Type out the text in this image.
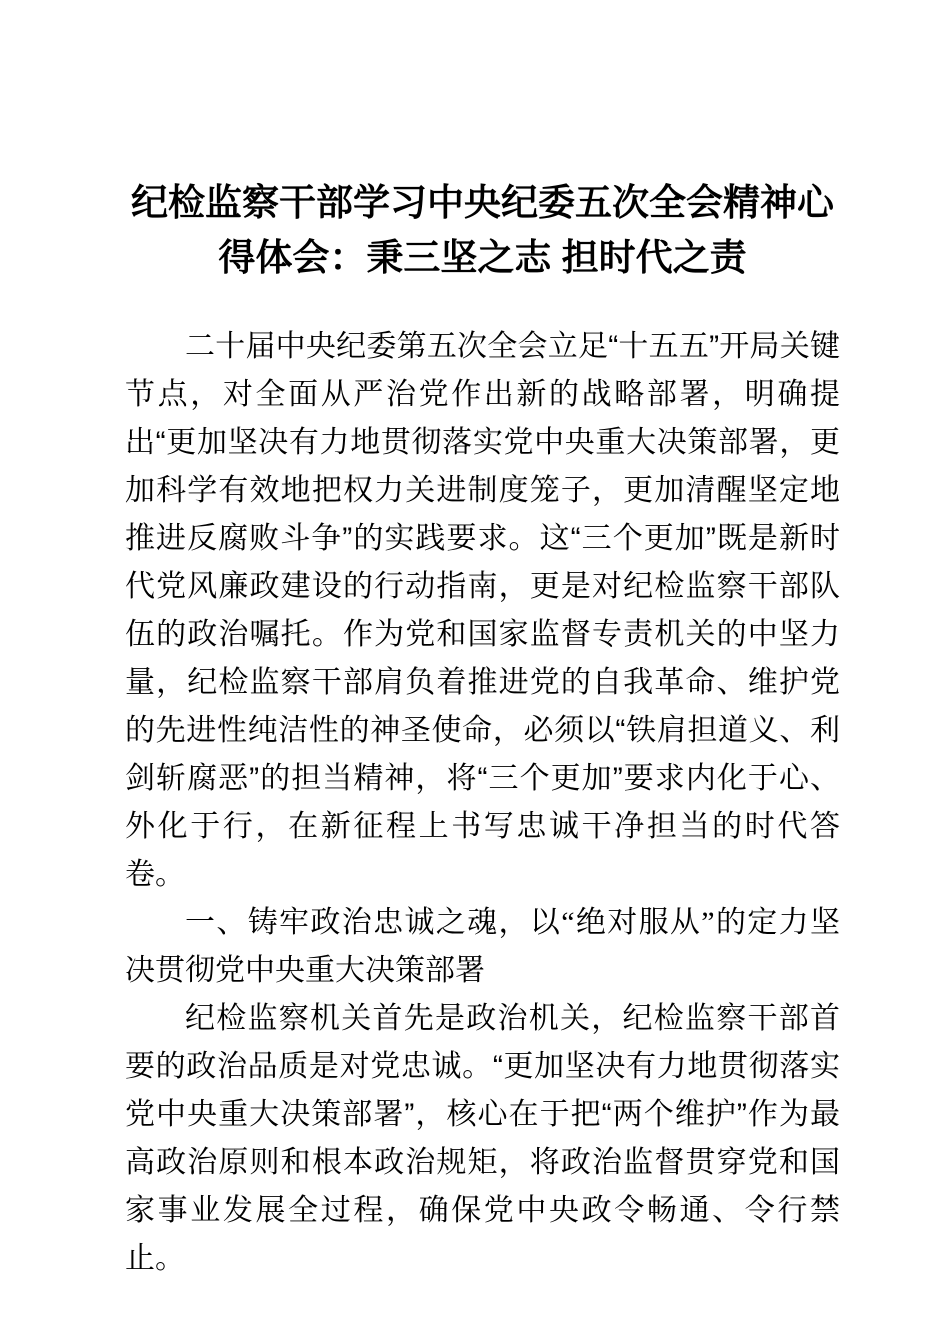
纪检监察干部学习中央纪委五次全会精神心得体会：秉三坚之志 担时代之责

二十届中央纪委第五次全会立足“十五五”开局关键节点，对全面从严治党作出新的战略部署，明确提出“更加坚决有力地贯彻落实党中央重大决策部署，更加科学有效地把权力关进制度笼子，更加清醒坚定地推进反腐败斗争”的实践要求。这“三个更加”既是新时代党风廉政建设的行动指南，更是对纪检监察干部队伍的政治嘱托。作为党和国家监督专责机关的中坚力量，纪检监察干部肩负着推进党的自我革命、维护党的先进性纯洁性的神圣使命，必须以“铁肩担道义、利剑斩腐恶”的担当精神，将“三个更加”要求内化于心、外化于行，在新征程上书写忠诚干净担当的时代答卷。

一、铸牢政治忠诚之魂，以“绝对服从”的定力坚决贯彻党中央重大决策部署

纪检监察机关首先是政治机关，纪检监察干部首要的政治品质是对党忠诚。“更加坚决有力地贯彻落实党中央重大决策部署”，核心在于把“两个维护”作为最高政治原则和根本政治规矩，将政治监督贯穿党和国家事业发展全过程，确保党中央政令畅通、令行禁止。
